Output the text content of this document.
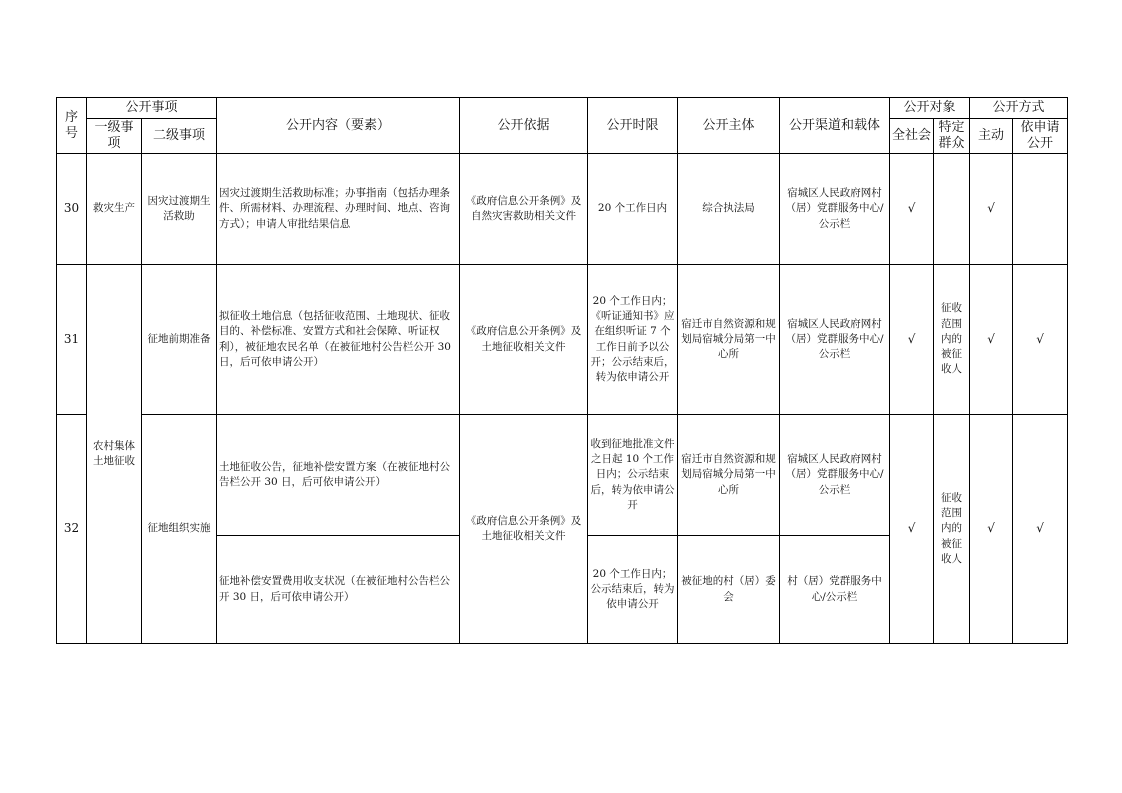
序号	公开事项		公开内容（要素）	公开依据	公开时限	公开主体	公开渠道和载体	公开对象		公开方式	
	一级事项	二级事项						全社会	特定群众	主动	依申请公开
30	救灾生产	因灾过渡期生活救助	因灾过渡期生活救助标准；办事指南（包括办理条件、所需材料、办理流程、办理时间、地点、咨询方式）；申请人审批结果信息	《政府信息公开条例》及自然灾害救助相关文件	20 个工作日内	综合执法局	宿城区人民政府网村（居）党群服务中心/公示栏	√		√	
31	农村集体土地征收	征地前期准备	拟征收土地信息（包括征收范围、土地现状、征收目的、补偿标准、安置方式和社会保障、听证权利），被征地农民名单（在被征地村公告栏公开 30 日，后可依申请公开）	《政府信息公开条例》及土地征收相关文件	20 个工作日内；《听证通知书》应在组织听证 7 个工作日前予以公开；公示结束后，转为依申请公开	宿迁市自然资源和规划局宿城分局第一中心所	宿城区人民政府网村（居）党群服务中心/公示栏	√	征收范围内的被征收人	√	√
32		征地组织实施	土地征收公告，征地补偿安置方案（在被征地村公告栏公开 30 日，后可依申请公开）	《政府信息公开条例》及土地征收相关文件	收到征地批准文件之日起 10 个工作日内；公示结束后，转为依申请公开	宿迁市自然资源和规划局宿城分局第一中心所	宿城区人民政府网村（居）党群服务中心/公示栏	√	征收范围内的被征收人	√	√
			征地补偿安置费用收支状况（在被征地村公告栏公开 30 日，后可依申请公开）		20 个工作日内；公示结束后，转为依申请公开	被征地的村（居）委会	村（居）党群服务中心/公示栏				
